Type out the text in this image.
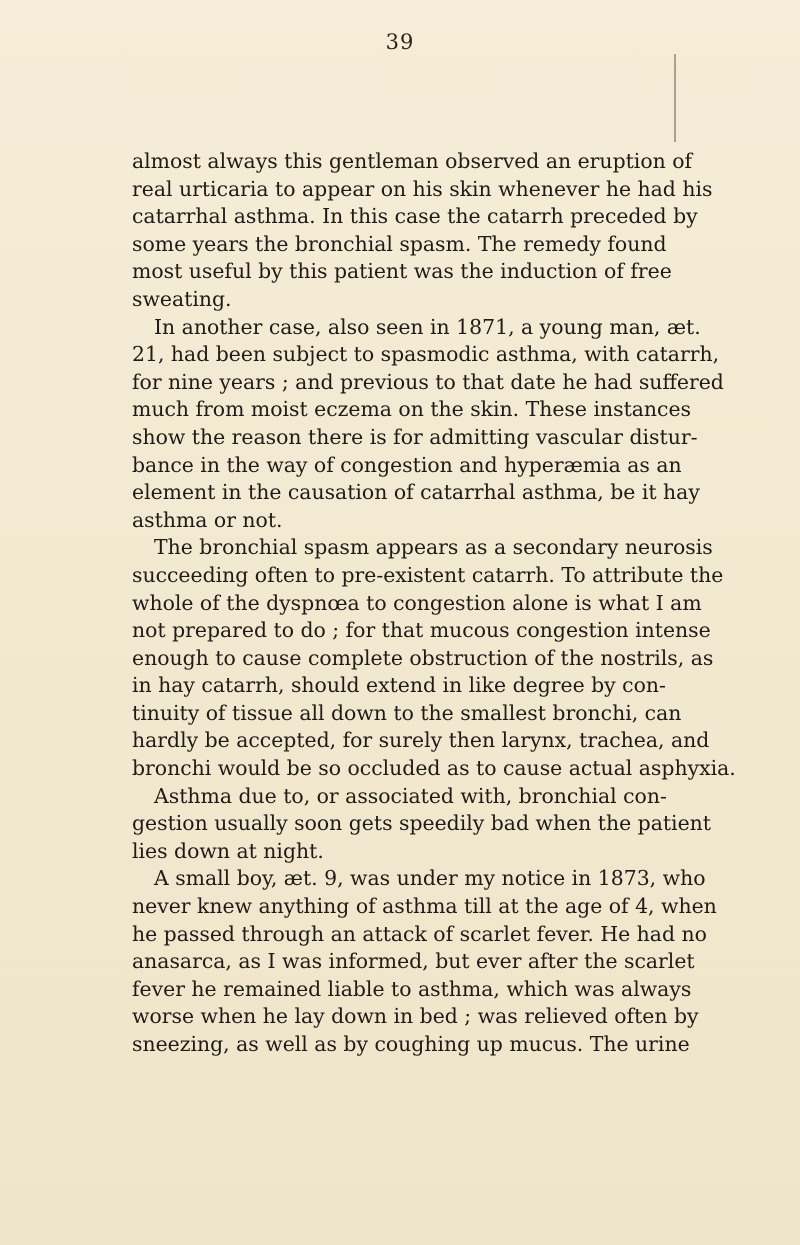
39
almost always this gentleman observed an eruption of
real urticaria to appear on his skin whenever he had his
catarrhal asthma. In this case the catarrh preceded by
some years the bronchial spasm. The remedy found
most useful by this patient was the induction of free
sweating.
In another case, also seen in 1871, a young man, æt.
21, had been subject to spasmodic asthma, with catarrh,
for nine years ; and previous to that date he had suffered
much from moist eczema on the skin. These instances
show the reason there is for admitting vascular distur-
bance in the way of congestion and hyperæmia as an
element in the causation of catarrhal asthma, be it hay
asthma or not.
The bronchial spasm appears as a secondary neurosis
succeeding often to pre-existent catarrh. To attribute the
whole of the dyspnœa to congestion alone is what I am
not prepared to do ; for that mucous congestion intense
enough to cause complete obstruction of the nostrils, as
in hay catarrh, should extend in like degree by con-
tinuity of tissue all down to the smallest bronchi, can
hardly be accepted, for surely then larynx, trachea, and
bronchi would be so occluded as to cause actual asphyxia.
Asthma due to, or associated with, bronchial con-
gestion usually soon gets speedily bad when the patient
lies down at night.
A small boy, æt. 9, was under my notice in 1873, who
never knew anything of asthma till at the age of 4, when
he passed through an attack of scarlet fever. He had no
anasarca, as I was informed, but ever after the scarlet
fever he remained liable to asthma, which was always
worse when he lay down in bed ; was relieved often by
sneezing, as well as by coughing up mucus. The urine
